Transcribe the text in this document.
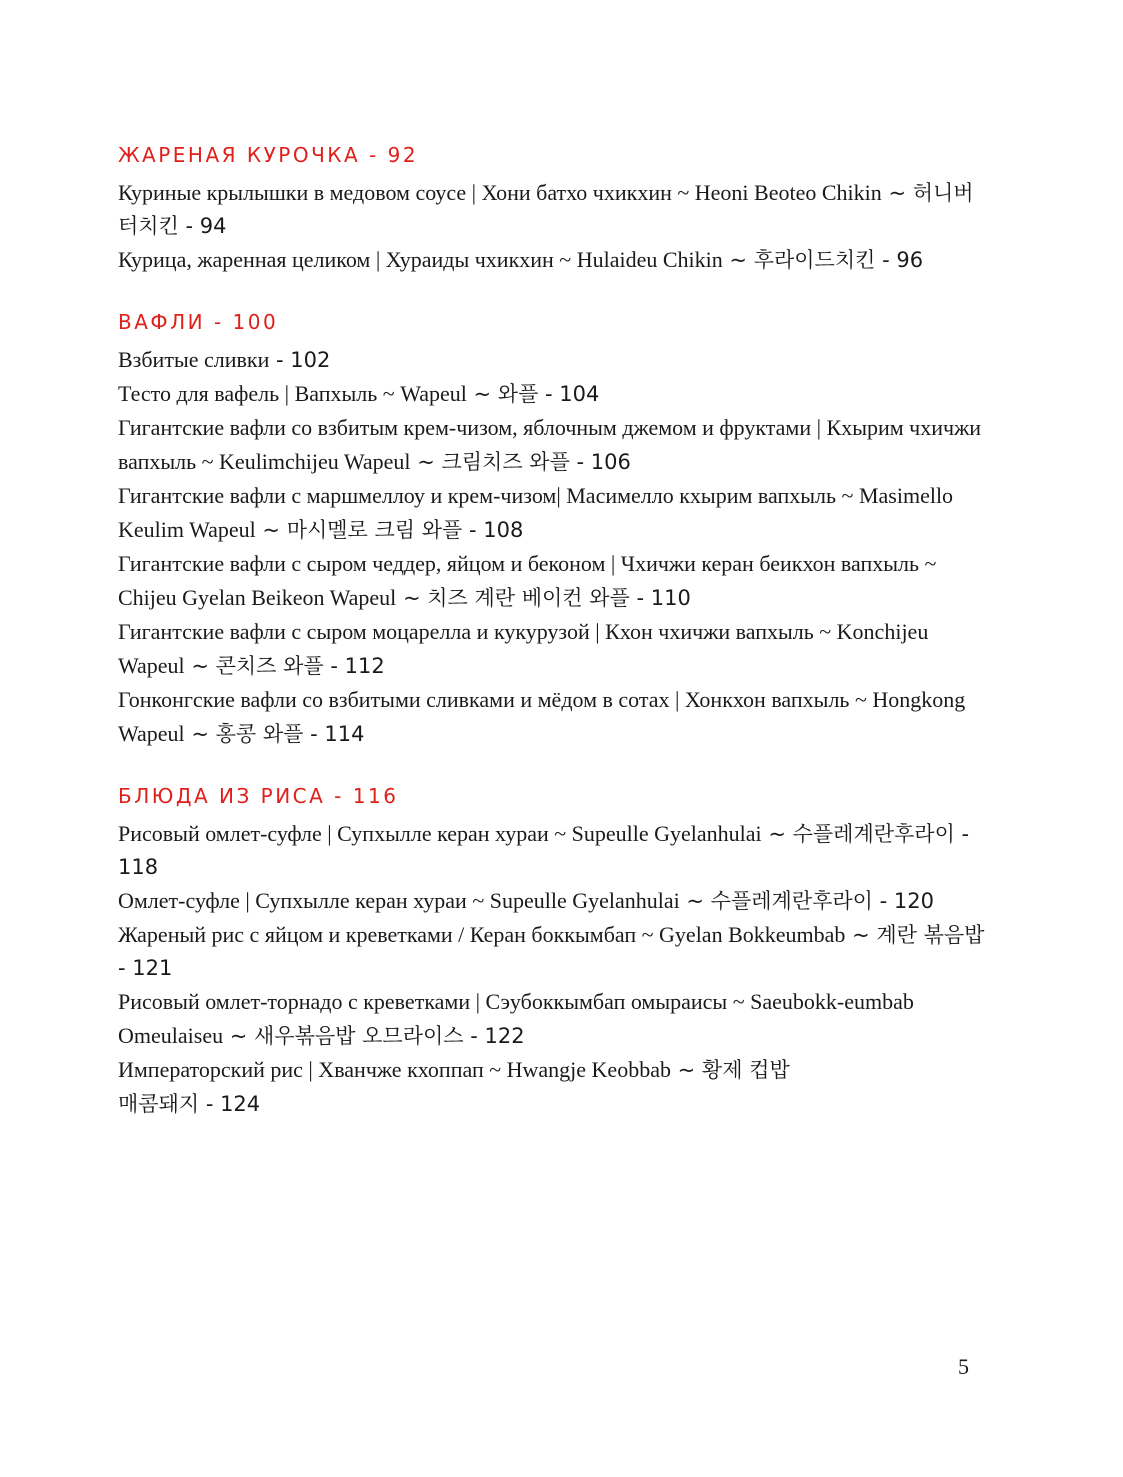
ЖАРЕНАЯ КУРОЧКА - 92

Куриные крылышки в медовом соусе | Хони батхо чхикхин ~ Heoni Beoteo Chikin ~ 허니버터치킨 - 94

Курица, жаренная целиком | Хураиды чхикхин ~ Hulaideu Chikin ~ 후라이드치킨 - 96

ВАФЛИ - 100

Взбитые сливки - 102

Тесто для вафель | Вапхыль ~ Wapeul ~ 와플 - 104

Гигантские вафли со взбитым крем-чизом, яблочным джемом и фруктами | Кхырим чхичжи вапхыль ~ Keulimchijeu Wapeul ~ 크림치즈 와플 - 106

Гигантские вафли с маршмеллоу и крем-чизом| Масимелло кхырим вапхыль ~ Masimello Keulim Wapeul ~ 마시멜로 크림 와플 - 108

Гигантские вафли с сыром чеддер, яйцом и беконом | Чхичжи керан беикхон вапхыль ~ Chijeu Gyelan Beikeon Wapeul ~ 치즈 계란 베이컨 와플 - 110

Гигантские вафли с сыром моцарелла и кукурузой | Кхон чхичжи вапхыль ~ Konchijeu Wapeul ~ 콘치즈 와플 - 112

Гонконгские вафли со взбитыми сливками и мёдом в сотах | Хонкхон вапхыль ~ Hongkong Wapeul ~ 홍콩 와플 - 114

БЛЮДА ИЗ РИСА - 116

Рисовый омлет-суфле | Супхылле керан хураи ~ Supeulle Gyelanhulai ~ 수플레계란후라이 - 118

Омлет-суфле | Супхылле керан хураи ~ Supeulle Gyelanhulai ~ 수플레계란후라이 - 120

Жареный рис с яйцом и креветками / Керан боккымбап ~ Gyelan Bokkeumbab ~ 계란 볶음밥 - 121

Рисовый омлет-торнадо с креветками | Сэубоккымбап омыраисы ~ Saeubokk-eumbab Omeulaiseu ~ 새우볶음밥 오므라이스 - 122

Императорский рис | Хванчже кхоппап ~ Hwangje Keobbab ~ 황제 컵밥

매콤돼지 - 124

5
